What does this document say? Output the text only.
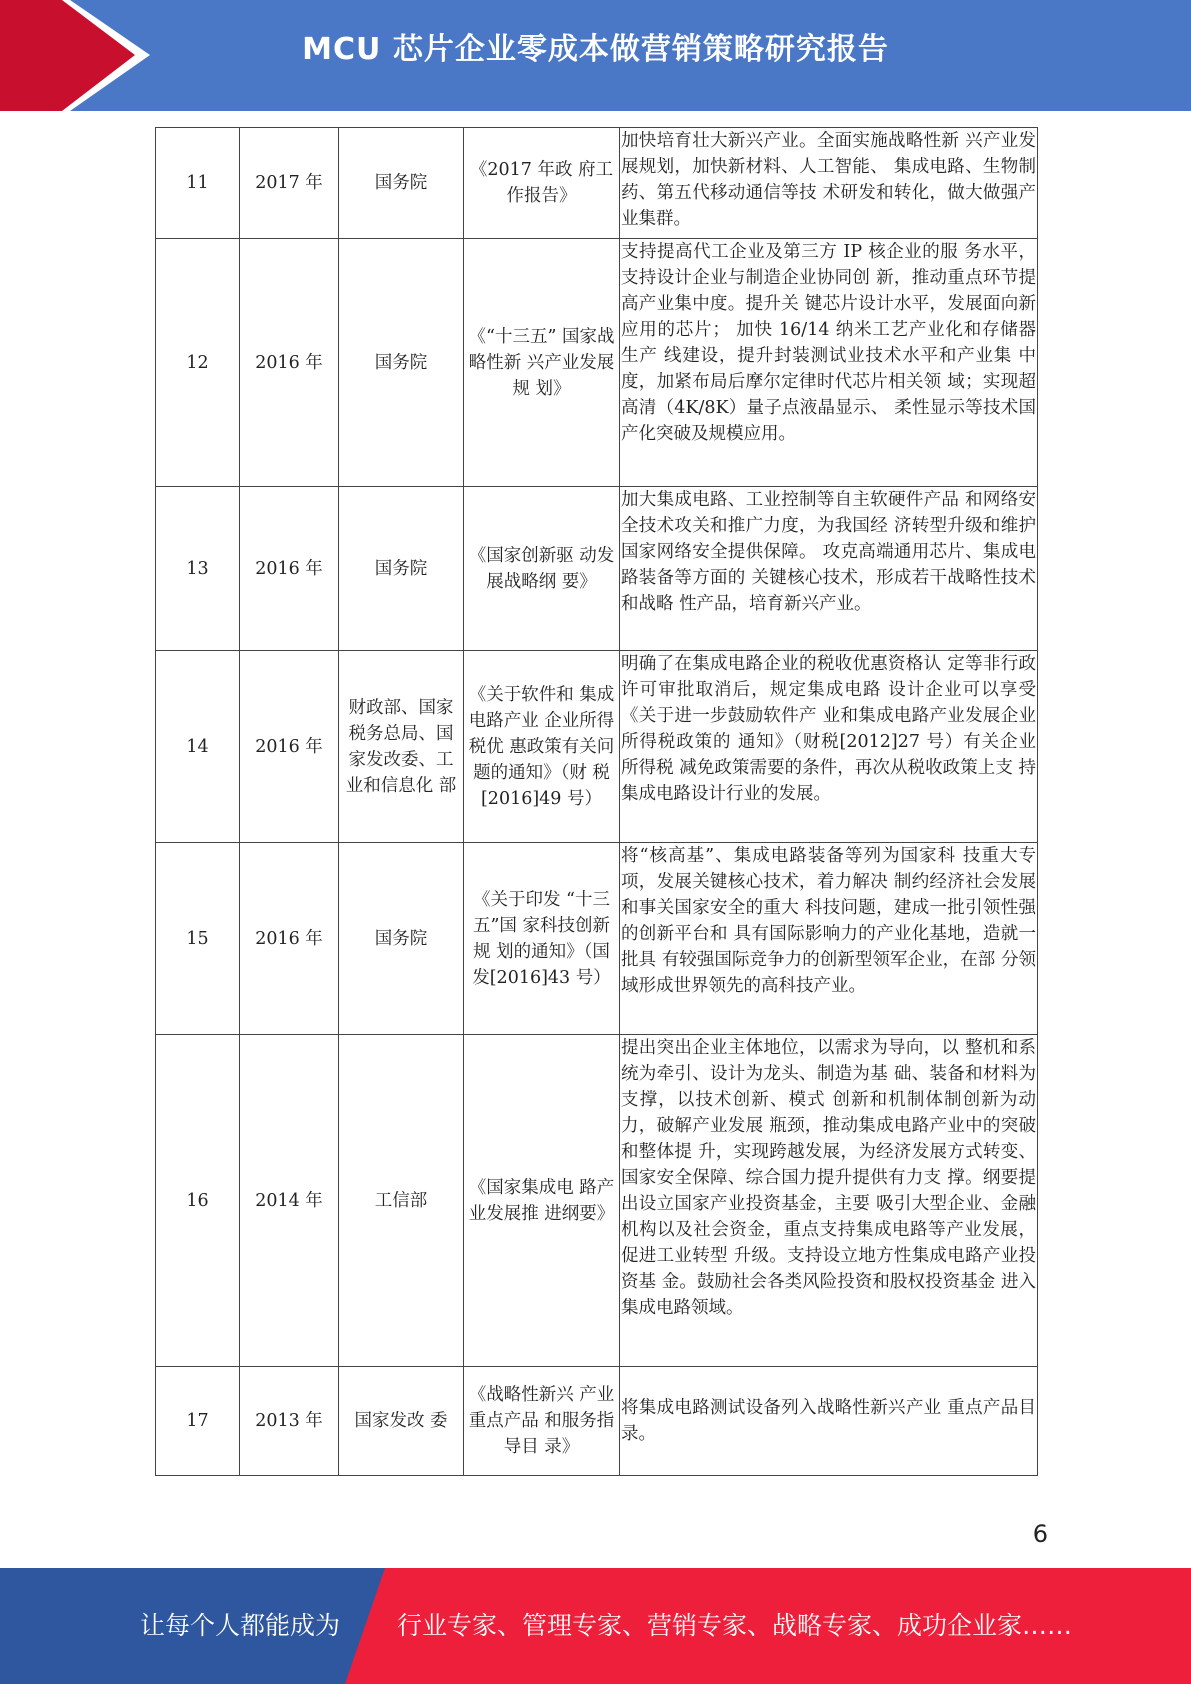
MCU 芯片企业零成本做营销策略研究报告
11	2017 年	国务院	《2017 年政 府工作报告》	加快培育壮大新兴产业。全面实施战略性新 兴产业发展规划，加快新材料、人工智能、 集成电路、生物制药、第五代移动通信等技 术研发和转化，做大做强产业集群。
12	2016 年	国务院	《“十三五” 国家战略性新 兴产业发展规 划》	支持提高代工企业及第三方 IP 核企业的服 务水平，支持设计企业与制造企业协同创 新，推动重点环节提高产业集中度。提升关 键芯片设计水平，发展面向新应用的芯片； 加快 16/14 纳米工艺产业化和存储器生产 线建设，提升封装测试业技术水平和产业集 中度，加紧布局后摩尔定律时代芯片相关领 域；实现超高清（4K/8K）量子点液晶显示、 柔性显示等技术国产化突破及规模应用。
13	2016 年	国务院	《国家创新驱 动发展战略纲 要》	加大集成电路、工业控制等自主软硬件产品 和网络安全技术攻关和推广力度，为我国经 济转型升级和维护国家网络安全提供保障。 攻克高端通用芯片、集成电路装备等方面的 关键核心技术，形成若干战略性技术和战略 性产品，培育新兴产业。
14	2016 年	财政部、国家税务总局、国家发改委、工业和信息化 部	《关于软件和 集成电路产业 企业所得税优 惠政策有关问 题的通知》（财 税[2016]49 号）	明确了在集成电路企业的税收优惠资格认 定等非行政许可审批取消后，规定集成电路 设计企业可以享受《关于进一步鼓励软件产 业和集成电路产业发展企业所得税政策的 通知》（财税[2012]27 号）有关企业所得税 减免政策需要的条件，再次从税收政策上支 持集成电路设计行业的发展。
15	2016 年	国务院	《关于印发 “十三五”国 家科技创新规 划的通知》（国 发[2016]43 号）	将“核高基”、集成电路装备等列为国家科 技重大专项，发展关键核心技术，着力解决 制约经济社会发展和事关国家安全的重大 科技问题，建成一批引领性强的创新平台和 具有国际影响力的产业化基地，造就一批具 有较强国际竞争力的创新型领军企业，在部 分领域形成世界领先的高科技产业。
16	2014 年	工信部	《国家集成电 路产业发展推 进纲要》	提出突出企业主体地位，以需求为导向，以 整机和系统为牵引、设计为龙头、制造为基 础、装备和材料为支撑，以技术创新、模式 创新和机制体制创新为动力，破解产业发展 瓶颈，推动集成电路产业中的突破和整体提 升，实现跨越发展，为经济发展方式转变、 国家安全保障、综合国力提升提供有力支 撑。纲要提出设立国家产业投资基金，主要 吸引大型企业、金融机构以及社会资金，重点支持集成电路等产业发展，促进工业转型 升级。支持设立地方性集成电路产业投资基 金。鼓励社会各类风险投资和股权投资基金 进入集成电路领域。
17	2013 年	国家发改 委	《战略性新兴 产业重点产品 和服务指导目 录》	将集成电路测试设备列入战略性新兴产业 重点产品目录。
6
让每个人都能成为 行业专家、管理专家、营销专家、战略专家、成功企业家……
